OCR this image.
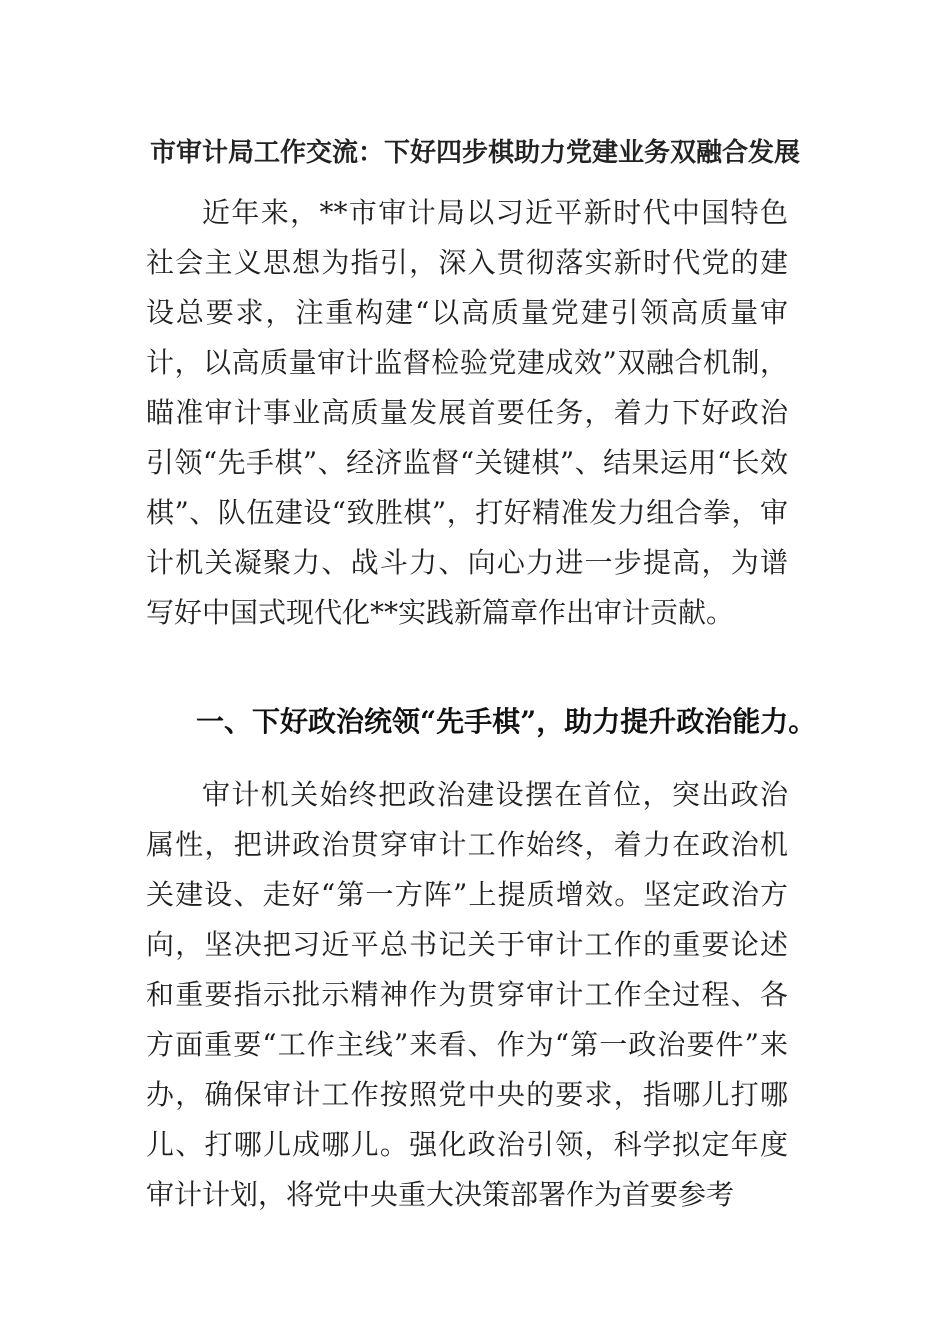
市审计局工作交流：下好四步棋助力党建业务双融合发展

近年来，**市审计局以习近平新时代中国特色社会主义思想为指引，深入贯彻落实新时代党的建设总要求，注重构建“以高质量党建引领高质量审计，以高质量审计监督检验党建成效”双融合机制，瞄准审计事业高质量发展首要任务，着力下好政治引领“先手棋”、经济监督“关键棋”、结果运用“长效棋”、队伍建设“致胜棋”，打好精准发力组合拳，审计机关凝聚力、战斗力、向心力进一步提高，为谱写好中国式现代化**实践新篇章作出审计贡献。

一、下好政治统领“先手棋”，助力提升政治能力。

审计机关始终把政治建设摆在首位，突出政治属性，把讲政治贯穿审计工作始终，着力在政治机关建设、走好“第一方阵”上提质增效。坚定政治方向，坚决把习近平总书记关于审计工作的重要论述和重要指示批示精神作为贯穿审计工作全过程、各方面重要“工作主线”来看、作为“第一政治要件”来办，确保审计工作按照党中央的要求，指哪儿打哪儿、打哪儿成哪儿。强化政治引领，科学拟定年度审计计划，将党中央重大决策部署作为首要参考
